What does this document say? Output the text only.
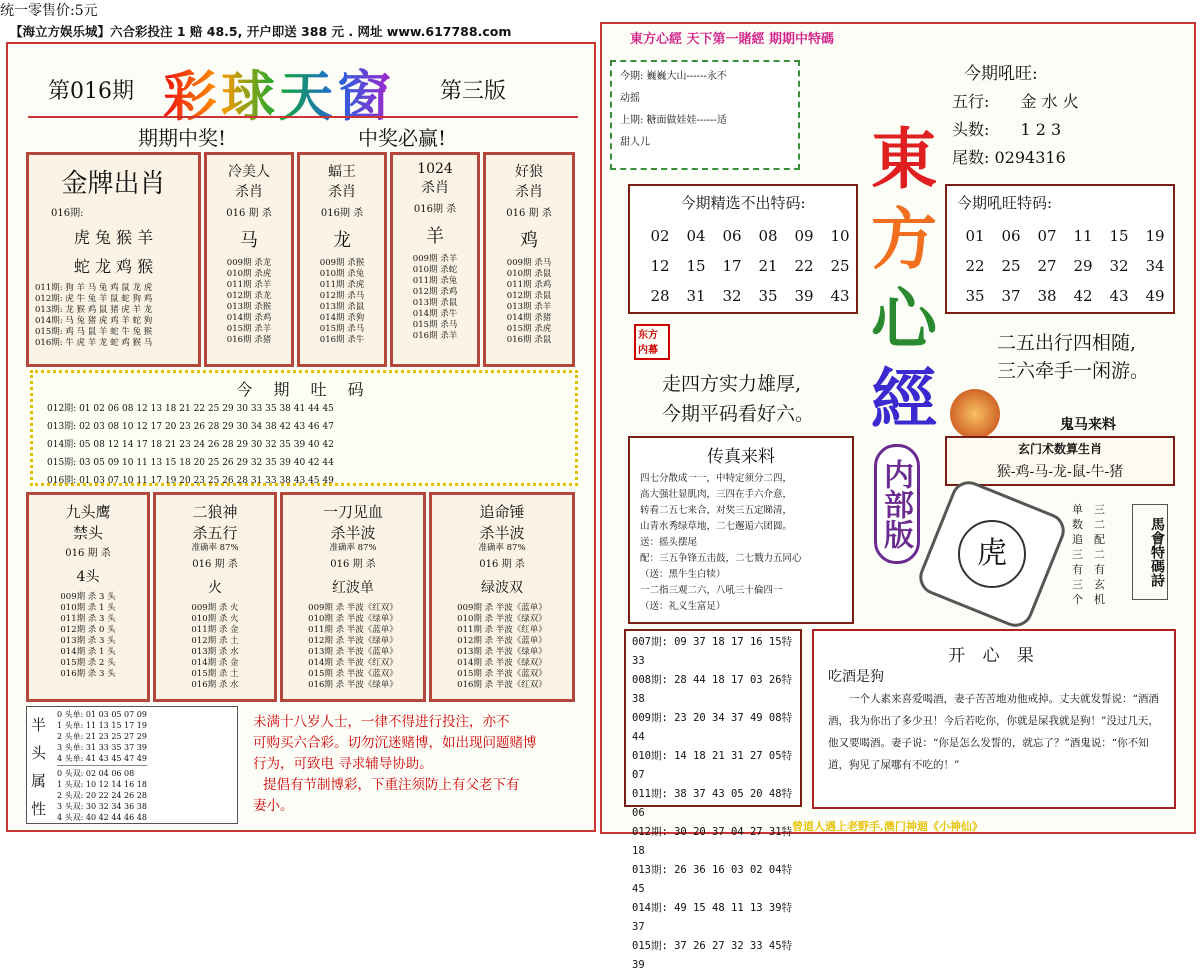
统一零售价:5元
【海立方娱乐城】六合彩投注 1 赔 48.5, 开户即送 388 元 . 网址 www.617788.com
第016期 彩球天窗 第三版
期期中奖!	中奖必赢!
金牌出肖
016期:
虎 兔 猴 羊
蛇 龙 鸡 猴
011期: 狗 羊 马 兔 鸡 鼠 龙 虎
012期: 虎 牛 兔 羊 鼠 蛇 狗 鸡
013期: 龙 猴 鸡 鼠 猪 虎 羊 龙
014期: 马 兔 猪 虎 鸡 羊 蛇 狗
015期: 鸡 马 鼠 羊 蛇 牛 兔 猴
016期: 牛 虎 羊 龙 蛇 鸡 猴 马
冷美人
杀肖
016 期 杀
马
009期 杀龙
010期 杀虎
011期 杀羊
012期 杀龙
013期 杀猴
014期 杀鸡
015期 杀羊
016期 杀猪
蝠王
杀肖
016期 杀
龙
009期 杀猴
010期 杀兔
011期 杀虎
012期 杀马
013期 杀鼠
014期 杀狗
015期 杀马
016期 杀牛
1024
杀肖
016期 杀
羊
009期 杀羊
010期 杀蛇
011期 杀兔
012期 杀鸡
013期 杀鼠
014期 杀牛
015期 杀马
016期 杀羊
好狼
杀肖
016 期 杀
鸡
009期 杀马
010期 杀鼠
011期 杀鸡
012期 杀鼠
013期 杀羊
014期 杀猪
015期 杀虎
016期 杀鼠
今 期 吐 码
012期: 01 02 06 08 12 13 18 21 22 25 29 30 33 35 38 41 44 45
013期: 02 03 08 10 12 17 20 23 26 28 29 30 34 38 42 43 46 47
014期: 05 08 12 14 17 18 21 23 24 26 28 29 30 32 35 39 40 42
015期: 03 05 09 10 11 13 15 18 20 25 26 29 32 35 39 40 42 44
016期: 01 03 07 10 11 17 19 20 23 25 26 28 31 33 38 43 45 49
九头鹰
禁头
016 期 杀
4头
009期 杀 3 头
010期 杀 1 头
011期 杀 3 头
012期 杀 0 头
013期 杀 3 头
014期 杀 1 头
015期 杀 2 头
016期 杀 3 头
二狼神
杀五行
准确率 87%
016 期 杀
火
009期 杀 火
010期 杀 火
011期 杀 金
012期 杀 土
013期 杀 水
014期 杀 金
015期 杀 土
016期 杀 水
一刀见血
杀半波
准确率 87%
016 期 杀
红波单
009期 杀 半波《红双》
010期 杀 半波《绿单》
011期 杀 半波《蓝单》
012期 杀 半波《绿单》
013期 杀 半波《蓝单》
014期 杀 半波《红双》
015期 杀 半波《蓝双》
016期 杀 半波《绿单》
追命锤
杀半波
准确率 87%
016 期 杀
绿波双
009期 杀 半波《蓝单》
010期 杀 半波《绿双》
011期 杀 半波《红单》
012期 杀 半波《蓝单》
013期 杀 半波《绿单》
014期 杀 半波《绿双》
015期 杀 半波《蓝双》
016期 杀 半波《红双》
半
头
属
性
0 头单: 01 03 05 07 09
1 头单: 11 13 15 17 19
2 头单: 21 23 25 27 29
3 头单: 31 33 35 37 39
4 头单: 41 43 45 47 49
0 头双: 02 04 06 08
1 头双: 10 12 14 16 18
2 头双: 20 22 24 26 28
3 头双: 30 32 34 36 38
4 头双: 40 42 44 46 48
未满十八岁人士，一律不得进行投注，亦不
可购买六合彩。切勿沉迷赌博，如出现问题赌博
行为，可致电 寻求辅导协助。
提倡有节制博彩，下重注须防上有父老下有
妻小。
東方心經 天下第一賭經 期期中特碼
今期: 巍巍大山------永不
动摇
上期: 糖面做娃娃------适
甜人儿
今期吼旺:
五行: 金 水 火
头数: 1 2 3
尾数: 0294316
東
方
心
經
内部版
今期精选不出特码:
02 04 06 08 09 1012 15 17 21 22 2528 31 32 35 39 43
今期吼旺特码:
01 06 07 11 15 1922 25 27 29 32 3435 37 38 42 43 49
东方内幕
走四方实力雄厚,
今期平码看好六。
二五出行四相随,
三六牵手一闲游。
鬼马来料
玄门术数算生肖
猴-鸡-马-龙-鼠-牛-猪
传真来料
四七分散成一一，中特定须分二四，
高大强壮显肌肉，三四在手六介意，
转看二五七来合，对奖三五定睇清，
山青水秀绿草地，二七邂逅六团圆。
送：摇头摆尾
配：三五争锋五击鼓，二七戮力五同心
（送：黑牛生白犊）
一二指三观二六，八吼三十倫四一
（送：礼义生富足）
虎
单
数
追
三
有
三
个
三
二
配
二
有
玄
机
馬會特碼詩
007期: 09 37 18 17 16 15特33
008期: 28 44 18 17 03 26特38
009期: 23 20 34 37 49 08特44
010期: 14 18 21 31 27 05特07
011期: 38 37 43 05 20 48特06
012期: 30 20 37 04 27 31特18
013期: 26 36 16 03 02 04特45
014期: 49 15 48 11 13 39特37
015期: 37 26 27 32 33 45特39
开 心 果
吃酒是狗
一个人素来喜爱喝酒，妻子苦苦地劝他戒掉。丈夫就发誓说：“酒酒酒，我为你出了多少丑！今后若吃你，你就是屎我就是狗！”没过几天，他又要喝酒。妻子说：“你是怎么发誓的，就忘了？”酒鬼说：“你不知道，狗见了屎哪有不吃的！”
曾道人遇上老野手,澳门神迴《小神仙》
